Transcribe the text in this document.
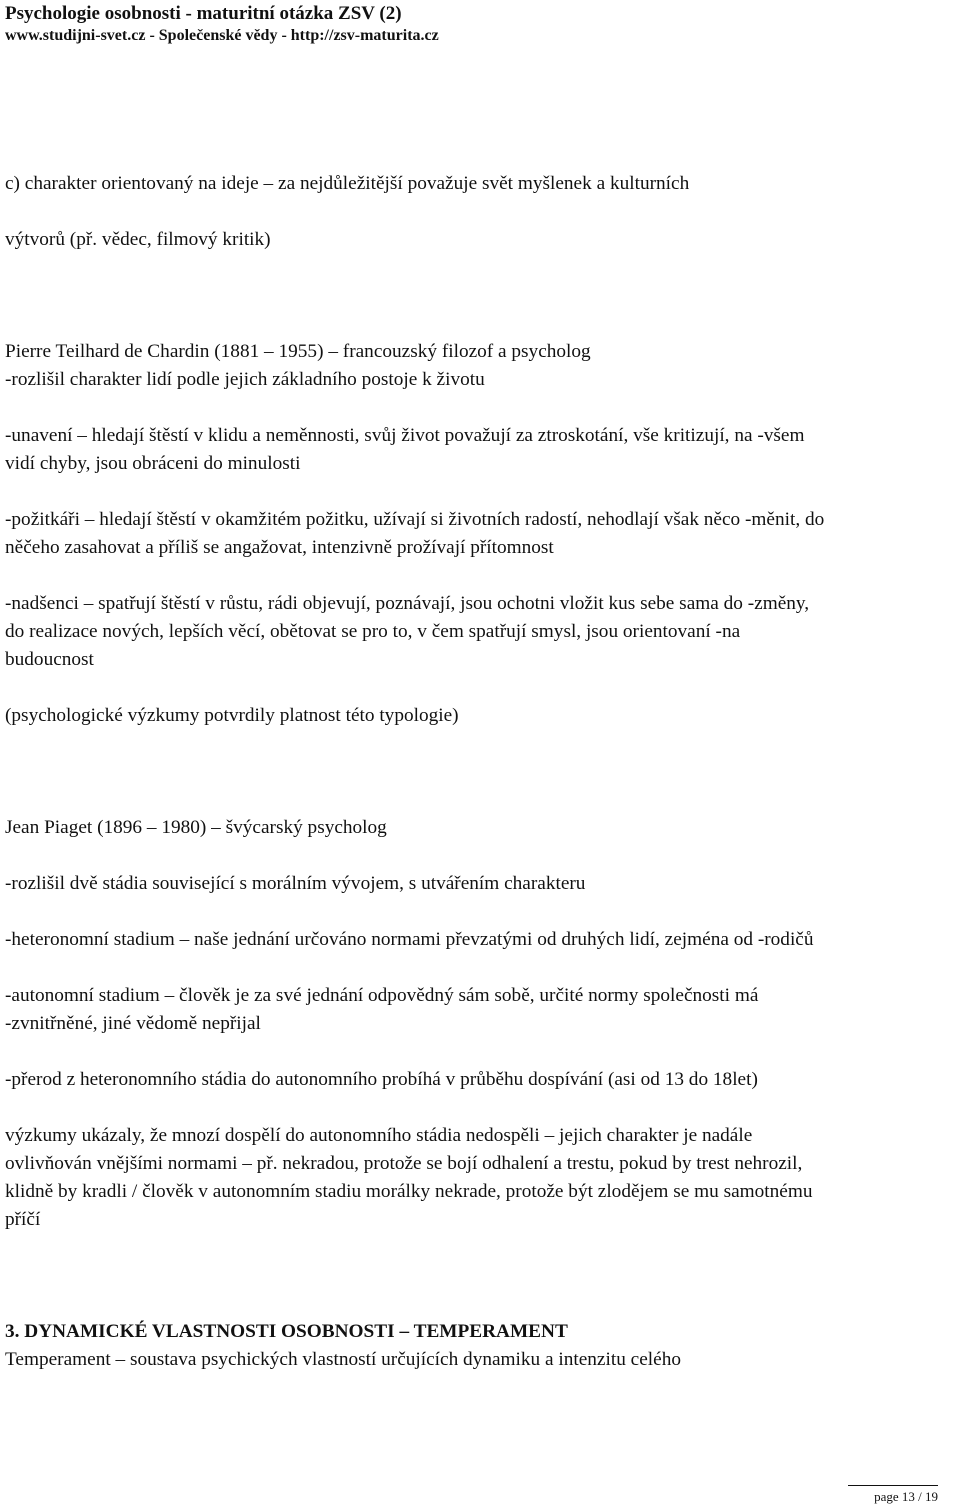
Psychologie osobnosti - maturitní otázka ZSV (2)
www.studijni-svet.cz - Společenské vědy - http://zsv-maturita.cz
c) charakter orientovaný na ideje – za nejdůležitější považuje svět myšlenek a kulturních
výtvorů (př. vědec, filmový kritik)
Pierre Teilhard de Chardin (1881 – 1955) – francouzský filozof a psycholog
-rozlišil charakter lidí podle jejich základního postoje k životu
-unavení – hledají štěstí v klidu a neměnnosti, svůj život považují za ztroskotání, vše kritizují, na -všem
vidí chyby, jsou obráceni do minulosti
-požitkáři – hledají štěstí v okamžitém požitku, užívají si životních radostí, nehodlají však něco -měnit, do
něčeho zasahovat a příliš se angažovat, intenzivně prožívají přítomnost
-nadšenci – spatřují štěstí v růstu, rádi objevují, poznávají, jsou ochotni vložit kus sebe sama do -změny,
do realizace nových, lepších věcí, obětovat se pro to, v čem spatřují smysl, jsou orientovaní -na
budoucnost
(psychologické výzkumy potvrdily platnost této typologie)
Jean Piaget (1896 – 1980) – švýcarský psycholog
-rozlišil dvě stádia související s morálním vývojem, s utvářením charakteru
-heteronomní stadium – naše jednání určováno normami převzatými od druhých lidí, zejména od -rodičů
-autonomní stadium – člověk je za své jednání odpovědný sám sobě, určité normy společnosti má
-zvnitřněné, jiné vědomě nepřijal
-přerod z heteronomního stádia do autonomního probíhá v průběhu dospívání (asi od 13 do 18let)
výzkumy ukázaly, že mnozí dospělí do autonomního stádia nedospěli – jejich charakter je nadále
ovlivňován vnějšími normami – př. nekradou, protože se bojí odhalení a trestu, pokud by trest nehrozil,
klidně by kradli / člověk v autonomním stadiu morálky nekrade, protože být zlodějem se mu samotnému
příčí
3. DYNAMICKÉ VLASTNOSTI OSOBNOSTI – TEMPERAMENT
Temperament – soustava psychických vlastností určujících dynamiku a intenzitu celého
page 13 / 19
